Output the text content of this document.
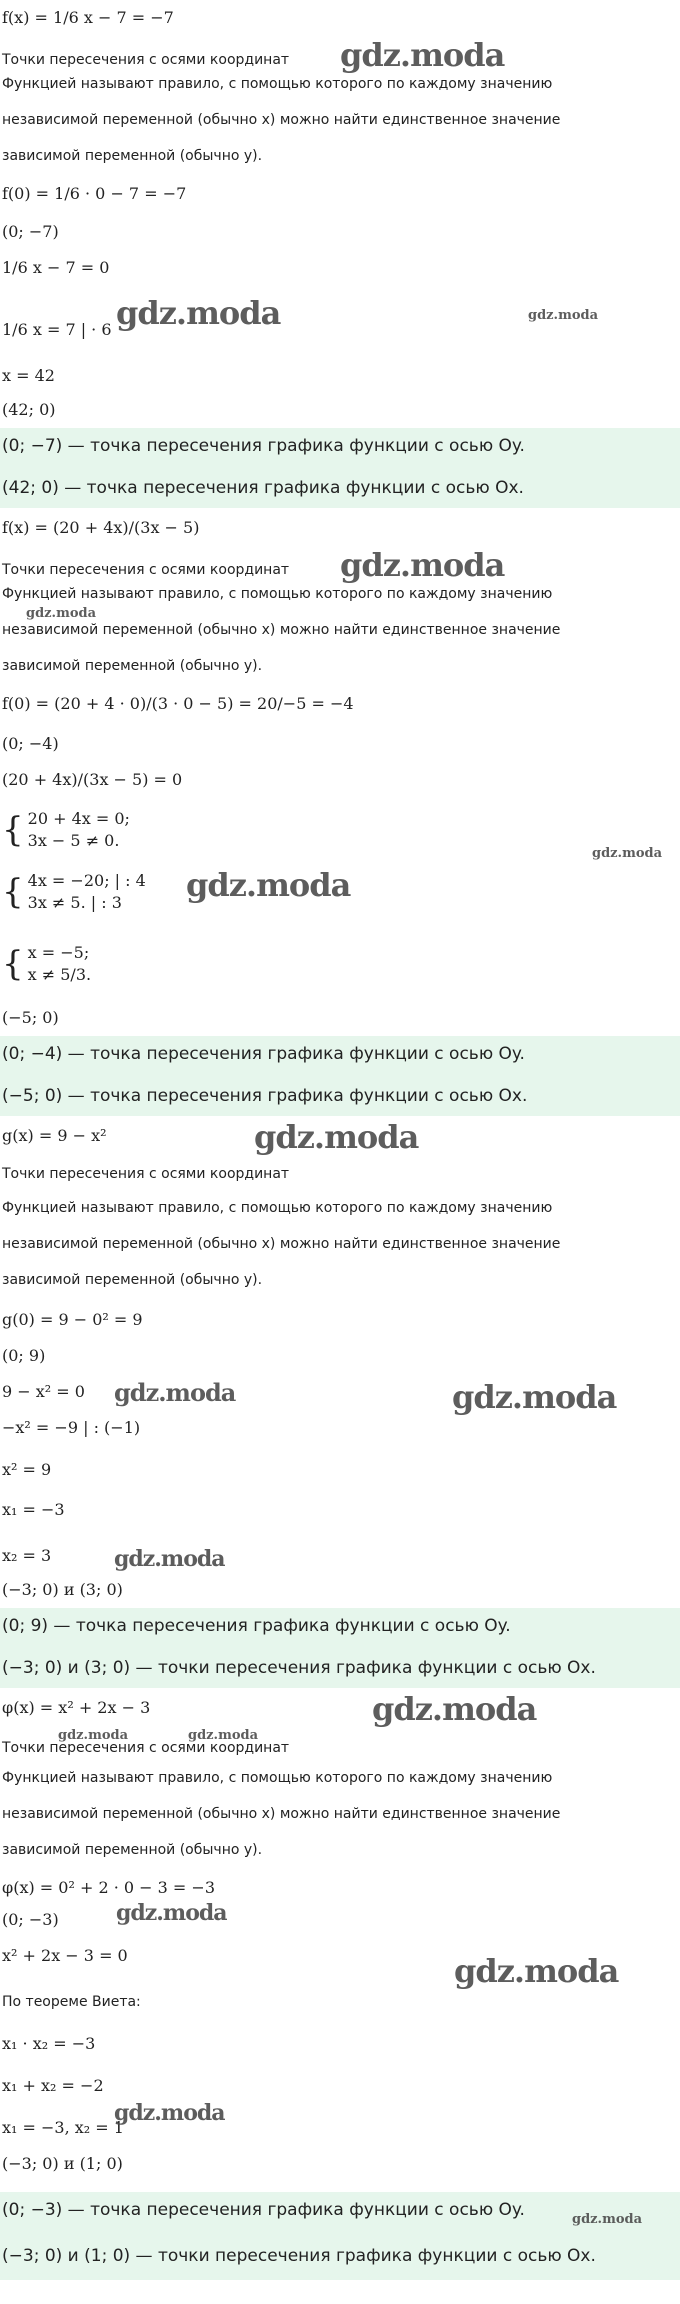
f(x) = 1/6 x − 7 = −7
Точки пересечения с осями координат
Функцией называют правило, с помощью которого по каждому значению
независимой переменной (обычно x) можно найти единственное значение
зависимой переменной (обычно y).
f(0) = 1/6 · 0 − 7 = −7
(0; −7)
1/6 x − 7 = 0
1/6 x = 7 | · 6
x = 42
(42; 0)
(0; −7) — точка пересечения графика функции с осью Oy.
(42; 0) — точка пересечения графика функции с осью Ox.
f(x) = (20 + 4x)/(3x − 5)
Точки пересечения с осями координат
Функцией называют правило, с помощью которого по каждому значению
независимой переменной (обычно x) можно найти единственное значение
зависимой переменной (обычно y).
f(0) = (20 + 4 · 0)/(3 · 0 − 5) = 20/−5 = −4
(0; −4)
(20 + 4x)/(3x − 5) = 0
{ 20 + 4x = 0;
3x − 5 ≠ 0.
{ 4x = −20; | : 4
3x ≠ 5. | : 3
{ x = −5;
x ≠ 5/3.
(−5; 0)
(0; −4) — точка пересечения графика функции с осью Oy.
(−5; 0) — точка пересечения графика функции с осью Ox.
g(x) = 9 − x²
Точки пересечения с осями координат
Функцией называют правило, с помощью которого по каждому значению
независимой переменной (обычно x) можно найти единственное значение
зависимой переменной (обычно y).
g(0) = 9 − 0² = 9
(0; 9)
9 − x² = 0
−x² = −9 | : (−1)
x² = 9
x₁ = −3
x₂ = 3
(−3; 0) и (3; 0)
(0; 9) — точка пересечения графика функции с осью Oy.
(−3; 0) и (3; 0) — точки пересечения графика функции с осью Ox.
φ(x) = x² + 2x − 3
Точки пересечения с осями координат
Функцией называют правило, с помощью которого по каждому значению
независимой переменной (обычно x) можно найти единственное значение
зависимой переменной (обычно y).
φ(x) = 0² + 2 · 0 − 3 = −3
(0; −3)
x² + 2x − 3 = 0
По теореме Виета:
x₁ · x₂ = −3
x₁ + x₂ = −2
x₁ = −3, x₂ = 1
(−3; 0) и (1; 0)
(0; −3) — точка пересечения графика функции с осью Oy.
(−3; 0) и (1; 0) — точки пересечения графика функции с осью Ox.
gdz.moda
gdz.moda	gdz.moda
gdz.moda
gdz.moda
gdz.moda
gdz.moda
gdz.moda
gdz.moda	gdz.moda
gdz.moda
gdz.moda	gdz.moda
gdz.moda
gdz.moda
gdz.moda
gdz.moda
gdz.moda
